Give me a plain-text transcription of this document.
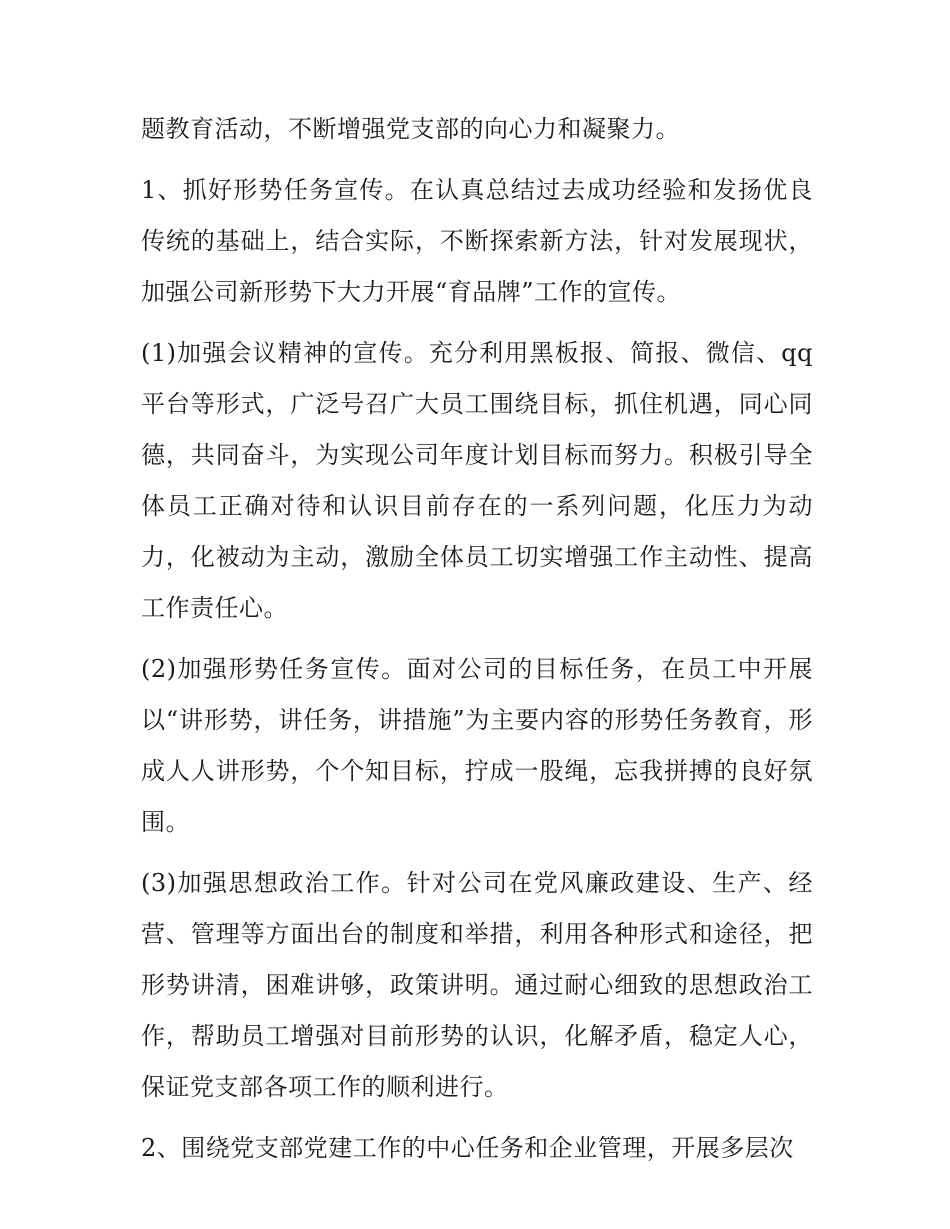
题教育活动，不断增强党支部的向心力和凝聚力。

1、抓好形势任务宣传。在认真总结过去成功经验和发扬优良传统的基础上，结合实际，不断探索新方法，针对发展现状，加强公司新形势下大力开展“育品牌”工作的宣传。

(1)加强会议精神的宣传。充分利用黑板报、简报、微信、qq平台等形式，广泛号召广大员工围绕目标，抓住机遇，同心同德，共同奋斗，为实现公司年度计划目标而努力。积极引导全体员工正确对待和认识目前存在的一系列问题，化压力为动力，化被动为主动，激励全体员工切实增强工作主动性、提高工作责任心。

(2)加强形势任务宣传。面对公司的目标任务，在员工中开展以“讲形势，讲任务，讲措施”为主要内容的形势任务教育，形成人人讲形势，个个知目标，拧成一股绳，忘我拼搏的良好氛围。

(3)加强思想政治工作。针对公司在党风廉政建设、生产、经营、管理等方面出台的制度和举措，利用各种形式和途径，把形势讲清，困难讲够，政策讲明。通过耐心细致的思想政治工作，帮助员工增强对目前形势的认识，化解矛盾，稳定人心，保证党支部各项工作的顺利进行。

2、围绕党支部党建工作的中心任务和企业管理，开展多层次
